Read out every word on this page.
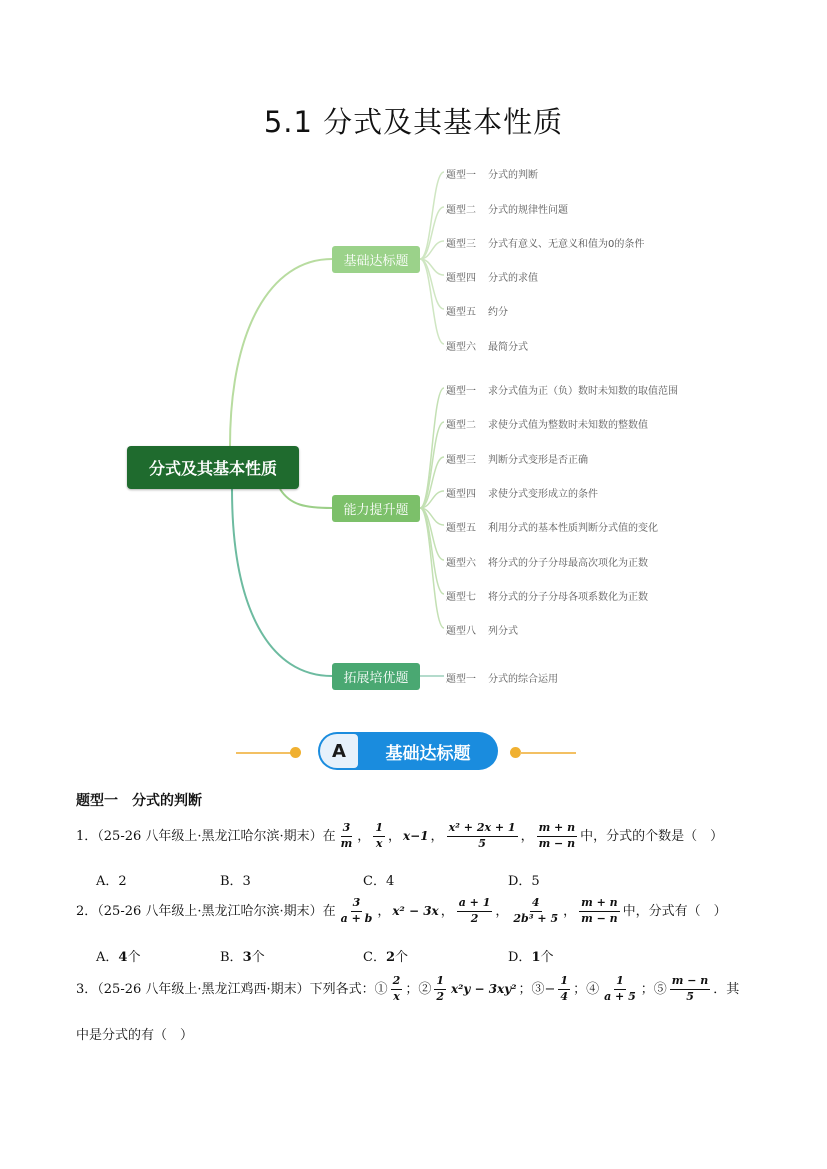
5.1 分式及其基本性质
分式及其基本性质
基础达标题
能力提升题
拓展培优题
题型一 分式的判断
题型二 分式的规律性问题
题型三 分式有意义、无意义和值为0的条件
题型四 分式的求值
题型五 约分
题型六 最简分式
题型一 求分式值为正（负）数时未知数的取值范围
题型二 求使分式值为整数时未知数的整数值
题型三 判断分式变形是否正确
题型四 求使分式变形成立的条件
题型五 利用分式的基本性质判断分式值的变化
题型六 将分式的分子分母最高次项化为正数
题型七 将分式的分子分母各项系数化为正数
题型八 列分式
题型一 分式的综合运用
A	基础达标题
题型一　分式的判断
1．（25-26 八年级上·黑龙江哈尔滨·期末）在 $\frac{3}{m}$ ， $\frac{1}{x}$ ， x−1 ， $\frac{\text{x² + 2x + 1}}{5}$ ， $\frac{m + n}{m - n}$ 中，分式的个数是（　）
A．2	B．3	C．4	D．5
2．（25-26 八年级上·黑龙江哈尔滨·期末）在 $\frac{3}{a + b}$ ， x² − 3x ， $\frac{a + 1}{2}$ ， $\frac{4}{\text{2b³ + 5}}$ ， $\frac{m + n}{m - n}$ 中，分式有（　）
A．4个	B．3个	C．2个	D．1个
3．（25-26 八年级上·黑龙江鸡西·期末）下列各式：① $\frac{2}{x}$ ；② $\frac{1}{2} x^2y - 3xy^2$ ；③− $\frac{1}{4}$ ；④ $\frac{1}{a + 5}$ ；⑤ $\frac{m - n}{5}$ ．其
中是分式的有（　）
